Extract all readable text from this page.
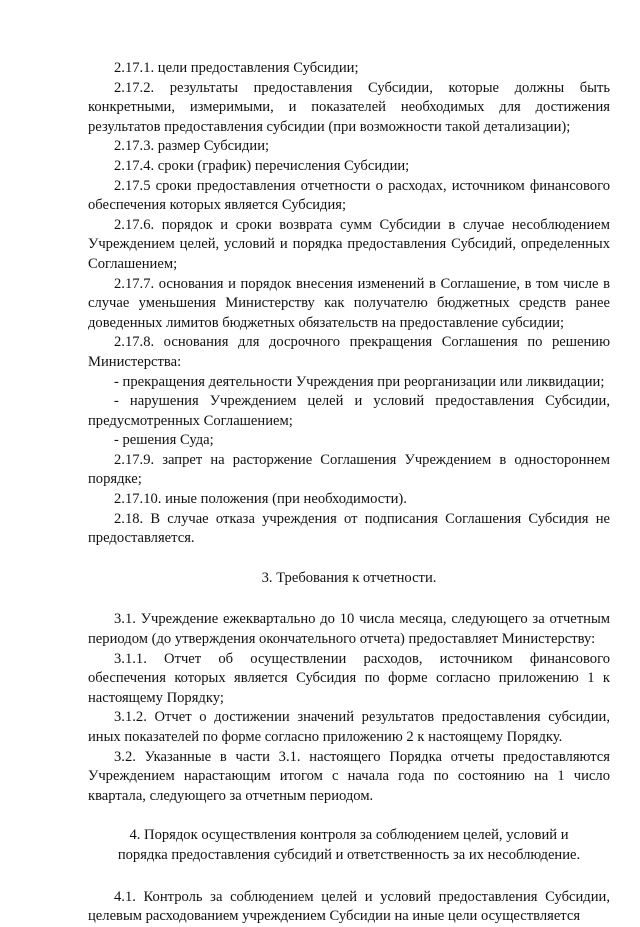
2.17.1. цели предоставления Субсидии;

2.17.2. результаты предоставления Субсидии, которые должны быть конкретными, измеримыми, и показателей необходимых для достижения результатов предоставления субсидии (при возможности такой детализации);

2.17.3. размер Субсидии;

2.17.4. сроки (график) перечисления Субсидии;

2.17.5 сроки предоставления отчетности о расходах, источником финансового обеспечения которых является Субсидия;

2.17.6. порядок и сроки возврата сумм Субсидии в случае несоблюдением Учреждением целей, условий и порядка предоставления Субсидий, определенных Соглашением;

2.17.7. основания и порядок внесения изменений в Соглашение, в том числе в случае уменьшения Министерству как получателю бюджетных средств ранее доведенных лимитов бюджетных обязательств на предоставление субсидии;

2.17.8. основания для досрочного прекращения Соглашения по решению Министерства:

- прекращения деятельности Учреждения при реорганизации или ликвидации;

- нарушения Учреждением целей и условий предоставления Субсидии, предусмотренных Соглашением;

- решения Суда;

2.17.9. запрет на расторжение Соглашения Учреждением в одностороннем порядке;

2.17.10. иные положения (при необходимости).

2.18. В случае отказа учреждения от подписания Соглашения Субсидия не предоставляется.

3. Требования к отчетности.

3.1. Учреждение ежеквартально до 10 числа месяца, следующего за отчетным периодом (до утверждения окончательного отчета) предоставляет Министерству:

3.1.1. Отчет об осуществлении расходов, источником финансового обеспечения которых является Субсидия по форме согласно приложению 1 к настоящему Порядку;

3.1.2. Отчет о достижении значений результатов предоставления субсидии, иных показателей по форме согласно приложению 2 к настоящему Порядку.

3.2. Указанные в части 3.1. настоящего Порядка отчеты предоставляются Учреждением нарастающим итогом с начала года по состоянию на 1 число квартала, следующего за отчетным периодом.

4. Порядок осуществления контроля за соблюдением целей, условий и

порядка предоставления субсидий и ответственность за их несоблюдение.

4.1. Контроль за соблюдением целей и условий предоставления Субсидии, целевым расходованием учреждением Субсидии на иные цели осуществляется
